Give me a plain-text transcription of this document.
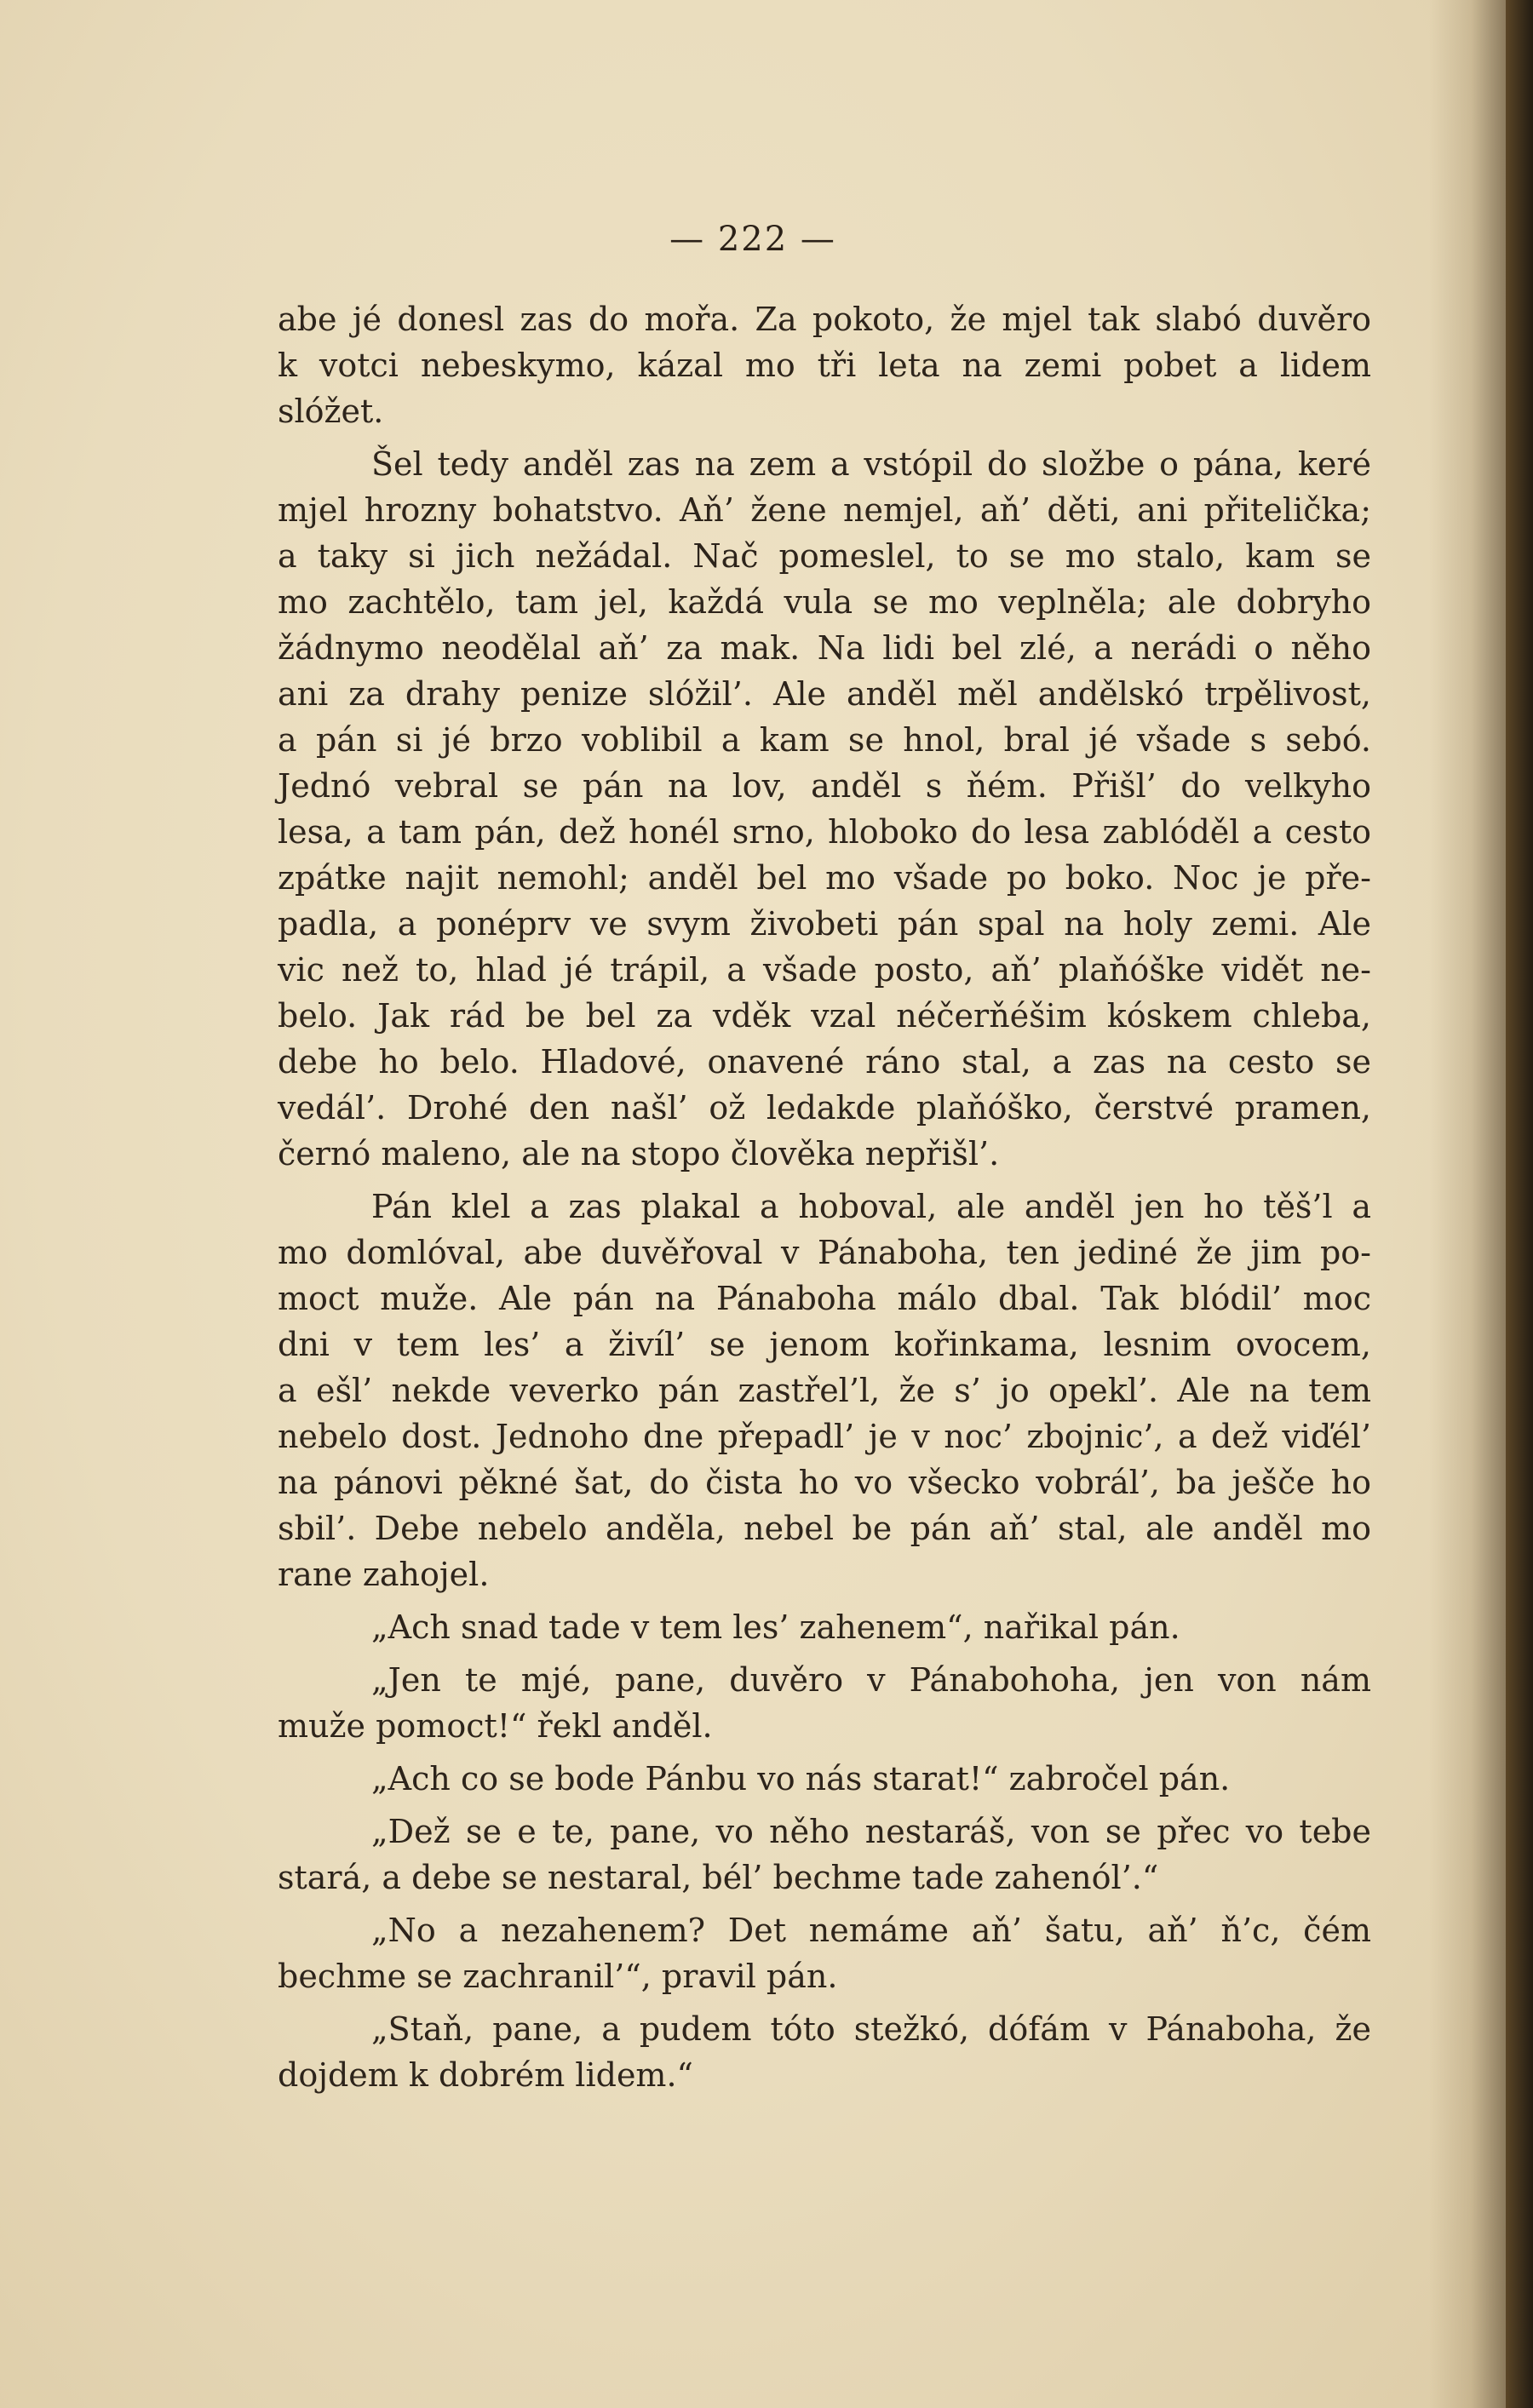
— 222 —
abe jé donesl zas do mořa. Za pokoto, že mjel tak slabó duvěro
k votci nebeskymo, kázal mo tři leta na zemi pobet a lidem
slóžet.
Šel tedy anděl zas na zem a vstópil do složbe o pána, keré
mjel hrozny bohatstvo. Aň’ žene nemjel, aň’ děti, ani přitelička;
a taky si jich nežádal. Nač pomeslel, to se mo stalo, kam se
mo zachtělo, tam jel, každá vula se mo veplněla; ale dobryho
žádnymo neodělal aň’ za mak. Na lidi bel zlé, a nerádi o něho
ani za drahy penize slóžil’. Ale anděl měl andělskó trpělivost,
a pán si jé brzo voblibil a kam se hnol, bral jé všade s sebó.
Jednó vebral se pán na lov, anděl s ňém. Přišl’ do velkyho
lesa, a tam pán, dež honél srno, hloboko do lesa zablóděl a cesto
zpátke najit nemohl; anděl bel mo všade po boko. Noc je pře-
padla, a ponéprv ve svym živobeti pán spal na holy zemi. Ale
vic než to, hlad jé trápil, a všade posto, aň’ plaňóške vidět ne-
belo. Jak rád be bel za vděk vzal néčerňéšim kóskem chleba,
debe ho belo. Hladové, onavené ráno stal, a zas na cesto se
vedál’. Drohé den našl’ ož ledakde plaňóško, čerstvé pramen,
černó maleno, ale na stopo člověka nepřišl’.
Pán klel a zas plakal a hoboval, ale anděl jen ho těš’l a
mo domlóval, abe duvěřoval v Pánaboha, ten jediné že jim po-
moct muže. Ale pán na Pánaboha málo dbal. Tak blódil’ moc
dni v tem les’ a živíl’ se jenom kořinkama, lesnim ovocem,
a ešl’ nekde veverko pán zastřel’l, že s’ jo opekl’. Ale na tem
nebelo dost. Jednoho dne přepadl’ je v noc’ zbojnic’, a dež viďél’
na pánovi pěkné šat, do čista ho vo všecko vobrál’, ba ješče ho
sbil’. Debe nebelo anděla, nebel be pán aň’ stal, ale anděl mo
rane zahojel.
„Ach snad tade v tem les’ zahenem“, nařikal pán.
„Jen te mjé, pane, duvěro v Pánabohoha, jen von nám
muže pomoct!“ řekl anděl.
„Ach co se bode Pánbu vo nás starat!“ zabročel pán.
„Dež se e te, pane, vo něho nestaráš, von se přec vo tebe
stará, a debe se nestaral, bél’ bechme tade zahenól’.“
„No a nezahenem? Det nemáme aň’ šatu, aň’ ň’c, čém
bechme se zachranil’“, pravil pán.
„Staň, pane, a pudem tóto stežkó, dófám v Pánaboha, že
dojdem k dobrém lidem.“
